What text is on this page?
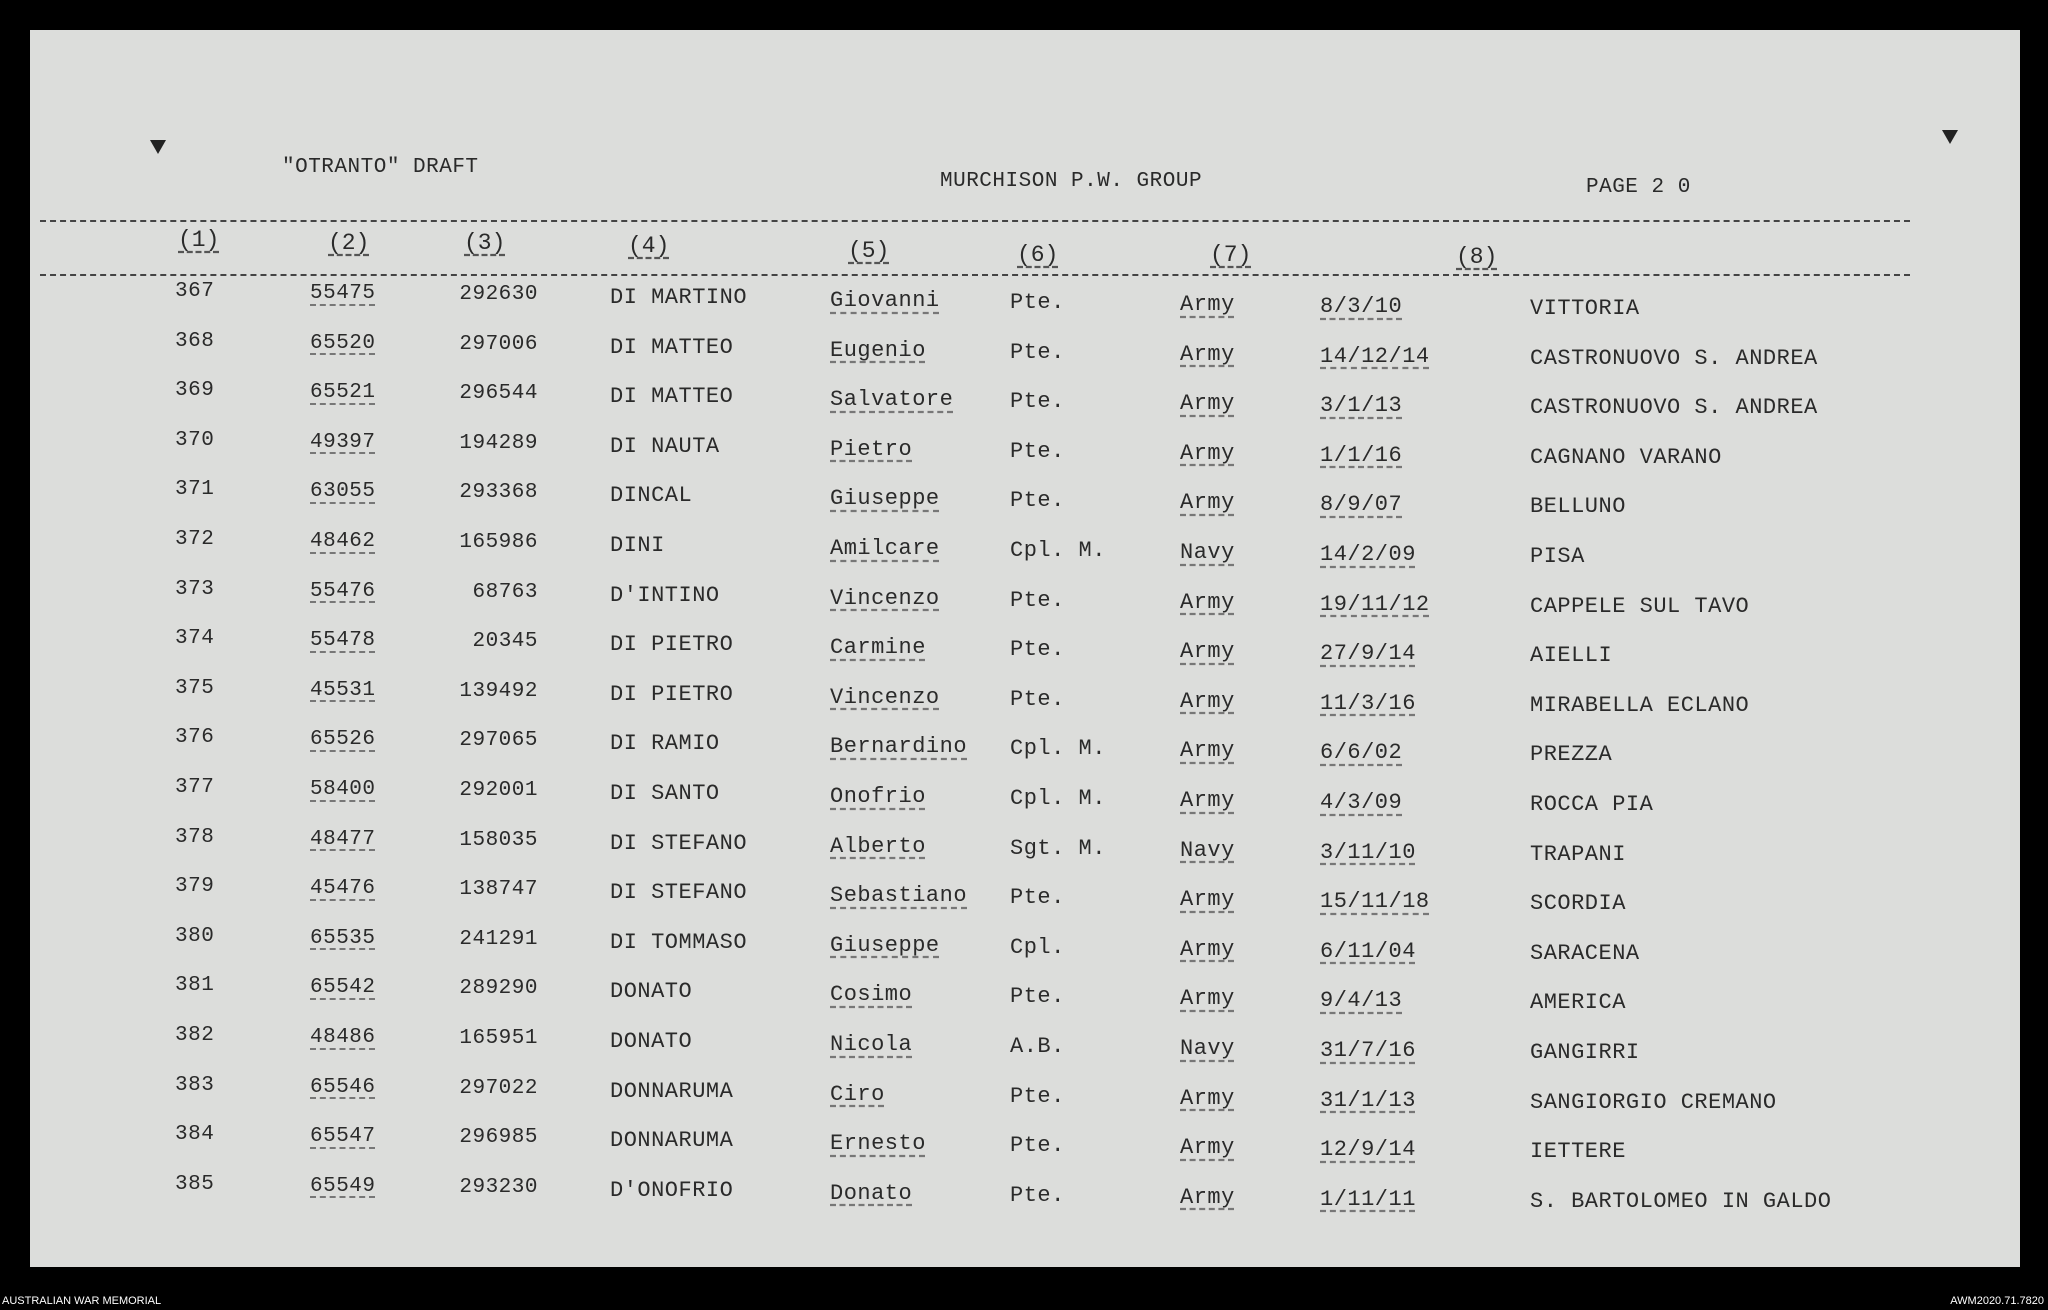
"OTRANTO" DRAFT
MURCHISON P.W. GROUP	PAGE 2 0
(1)	(2)	(3)	(4)	(5)	(6)	(7)	(8)
367	55475	292630	DI MARTINO	Giovanni	Pte.	Army	8/3/10	VITTORIA
368	65520	297006	DI MATTEO	Eugenio	Pte.	Army	14/12/14	CASTRONUOVO S. ANDREA
369	65521	296544	DI MATTEO	Salvatore	Pte.	Army	3/1/13	CASTRONUOVO S. ANDREA
370	49397	194289	DI NAUTA	Pietro	Pte.	Army	1/1/16	CAGNANO VARANO
371	63055	293368	DINCAL	Giuseppe	Pte.	Army	8/9/07	BELLUNO
372	48462	165986	DINI	Amilcare	Cpl. M.	Navy	14/2/09	PISA
373	55476	68763	D'INTINO	Vincenzo	Pte.	Army	19/11/12	CAPPELE SUL TAVO
374	55478	20345	DI PIETRO	Carmine	Pte.	Army	27/9/14	AIELLI
375	45531	139492	DI PIETRO	Vincenzo	Pte.	Army	11/3/16	MIRABELLA ECLANO
376	65526	297065	DI RAMIO	Bernardino Cpl. M.	Army	6/6/02	PREZZA
377	58400	292001	DI SANTO	Onofrio	Cpl. M.	Army	4/3/09	ROCCA PIA
378	48477	158035	DI STEFANO	Alberto	Sgt. M.	Navy	3/11/10	TRAPANI
379	45476	138747	DI STEFANO	Sebastiano Pte.	Army	15/11/18	SCORDIA
380	65535	241291	DI TOMMASO	Giuseppe	Cpl.	Army	6/11/04	SARACENA
381	65542	289290	DONATO	Cosimo	Pte.	Army	9/4/13	AMERICA
382	48486	165951	DONATO	Nicola	A.B.	Navy	31/7/16	GANGIRRI
383	65546	297022	DONNARUMA	Ciro	Pte.	Army	31/1/13	SANGIORGIO CREMANO
384	65547	296985	DONNARUMA	Ernesto	Pte.	Army	12/9/14	IETTERE
385	65549	293230	D'ONOFRIO	Donato	Pte.	Army	1/11/11	S. BARTOLOMEO IN GALDO
AUSTRALIAN WAR MEMORIAL	AWM2020.71.7820
